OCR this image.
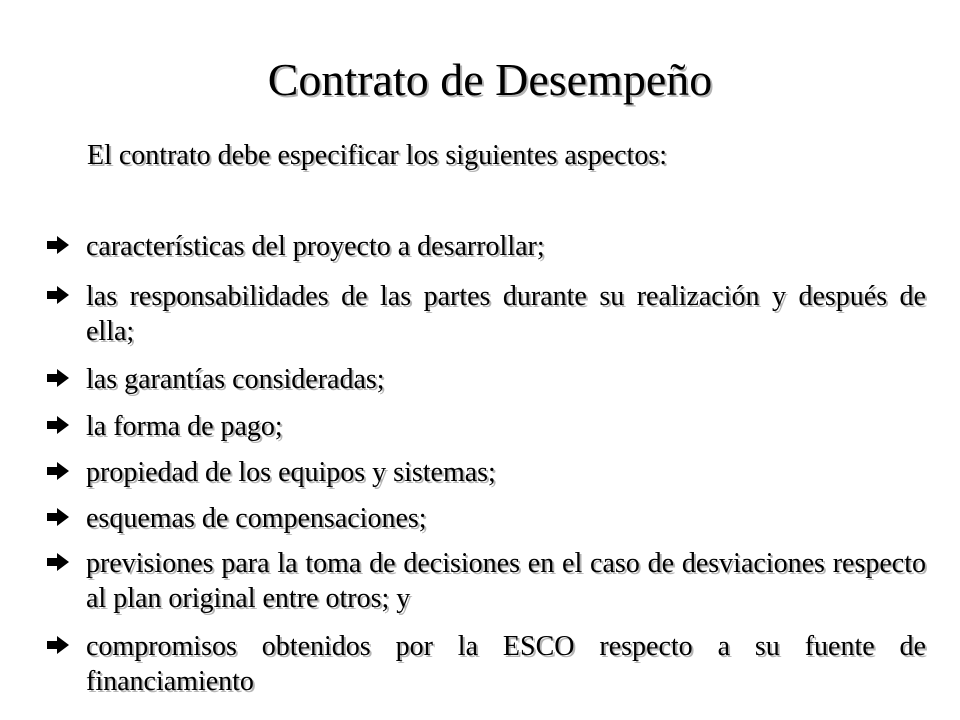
Contrato de Desempeño
El contrato debe especificar los siguientes aspectos:
características del proyecto a desarrollar;
las responsabilidades de las partes durante su realización y después de ella;
las garantías consideradas;
la forma de pago;
propiedad de los equipos y sistemas;
esquemas de compensaciones;
previsiones para la toma de decisiones en el caso de desviaciones respecto al plan original entre otros; y
compromisos obtenidos por la ESCO respecto a su fuente de financiamiento
